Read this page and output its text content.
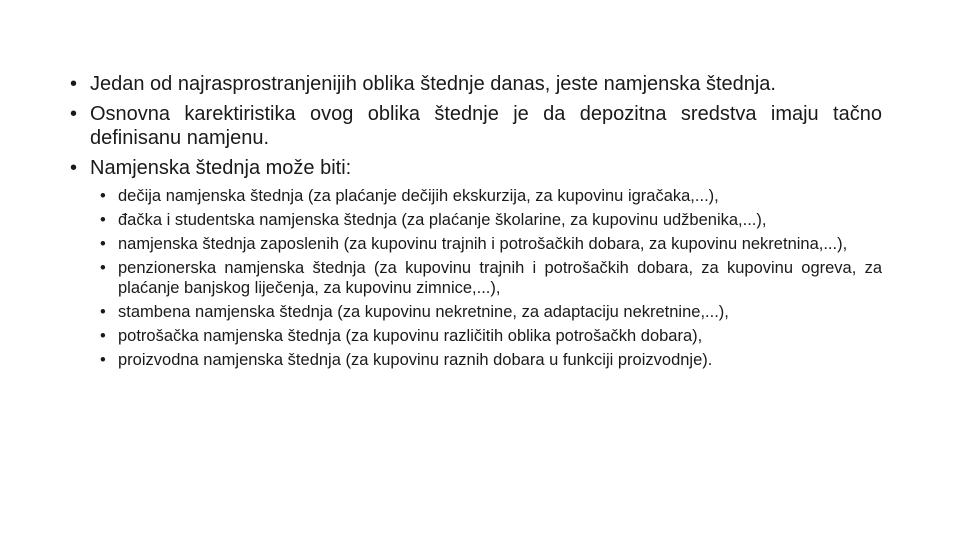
• Jedan od najrasprostranjenijih oblika štednje danas, jeste namjenska štednja.
• Osnovna karektiristika ovog oblika štednje je da depozitna sredstva imaju tačno definisanu namjenu.
• Namjenska štednja može biti:
• dečija namjenska štednja (za plaćanje dečijih ekskurzija, za kupovinu igračaka,...),
• đačka i studentska namjenska štednja (za plaćanje školarine, za kupovinu udžbenika,...),
• namjenska štednja zaposlenih (za kupovinu trajnih i potrošačkih dobara, za kupovinu nekretnina,...),
• penzionerska namjenska štednja (za kupovinu trajnih i potrošačkih dobara, za kupovinu ogreva, za plaćanje banjskog liječenja, za kupovinu zimnice,...),
• stambena namjenska štednja (za kupovinu nekretnine, za adaptaciju nekretnine,...),
• potrošačka namjenska štednja (za kupovinu različitih oblika potrošačkh dobara),
• proizvodna namjenska štednja (za kupovinu raznih dobara u funkciji proizvodnje).
